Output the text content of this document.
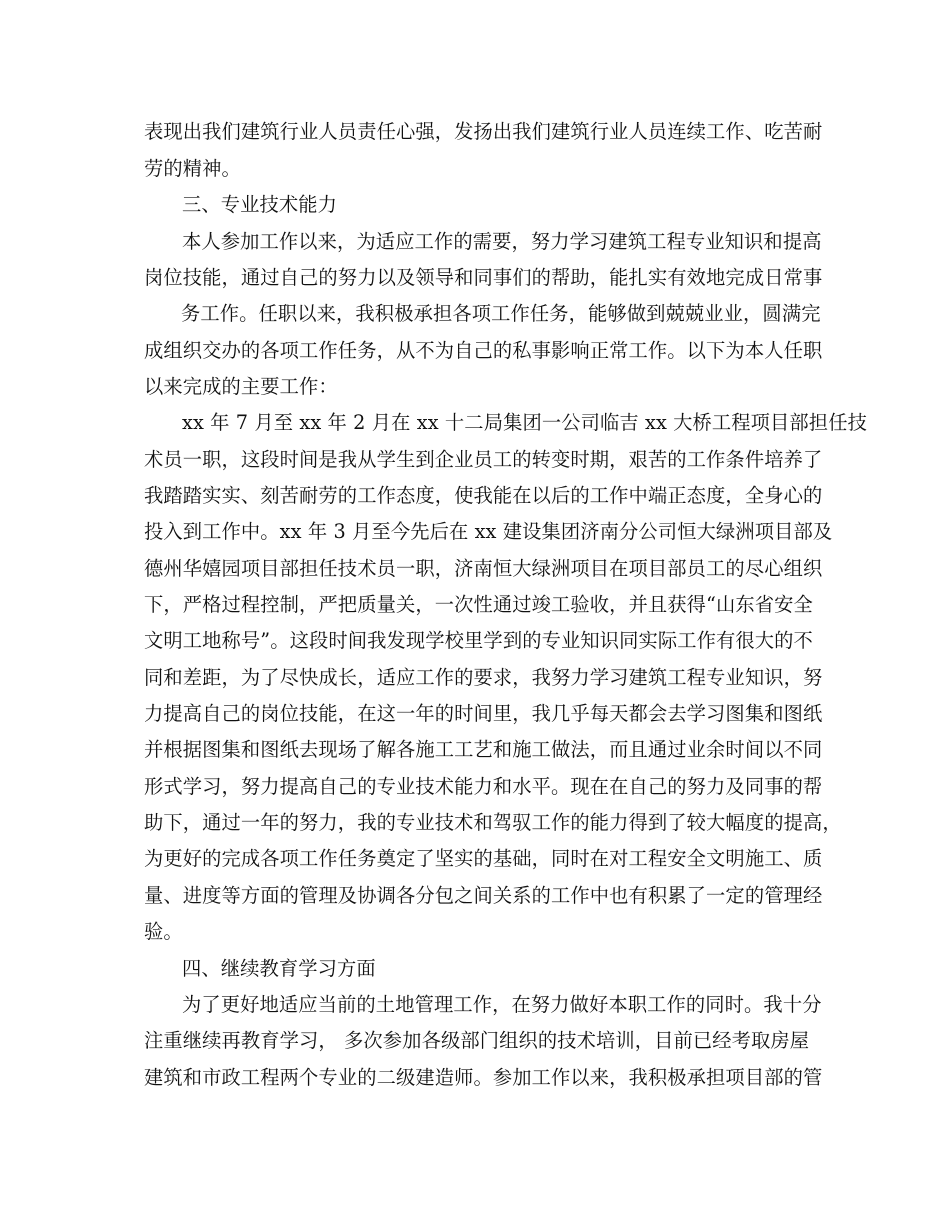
表现出我们建筑行业人员责任心强，发扬出我们建筑行业人员连续工作、吃苦耐
劳的精神。
三、专业技术能力
本人参加工作以来，为适应工作的需要，努力学习建筑工程专业知识和提高
岗位技能，通过自己的努力以及领导和同事们的帮助，能扎实有效地完成日常事
务工作。任职以来，我积极承担各项工作任务，能够做到兢兢业业，圆满完
成组织交办的各项工作任务，从不为自己的私事影响正常工作。以下为本人任职
以来完成的主要工作：
xx 年 7 月至 xx 年 2 月在 xx 十二局集团一公司临吉 xx 大桥工程项目部担任技
术员一职，这段时间是我从学生到企业员工的转变时期，艰苦的工作条件培养了
我踏踏实实、刻苦耐劳的工作态度，使我能在以后的工作中端正态度，全身心的
投入到工作中。xx 年 3 月至今先后在 xx 建设集团济南分公司恒大绿洲项目部及
德州华嬉园项目部担任技术员一职，济南恒大绿洲项目在项目部员工的尽心组织
下，严格过程控制，严把质量关，一次性通过竣工验收，并且获得“山东省安全
文明工地称号”。这段时间我发现学校里学到的专业知识同实际工作有很大的不
同和差距，为了尽快成长，适应工作的要求，我努力学习建筑工程专业知识，努
力提高自己的岗位技能，在这一年的时间里，我几乎每天都会去学习图集和图纸
并根据图集和图纸去现场了解各施工工艺和施工做法，而且通过业余时间以不同
形式学习，努力提高自己的专业技术能力和水平。现在在自己的努力及同事的帮
助下，通过一年的努力，我的专业技术和驾驭工作的能力得到了较大幅度的提高，
为更好的完成各项工作任务奠定了坚实的基础，同时在对工程安全文明施工、质
量、进度等方面的管理及协调各分包之间关系的工作中也有积累了一定的管理经
验。
四、继续教育学习方面
为了更好地适应当前的土地管理工作，在努力做好本职工作的同时。我十分
注重继续再教育学习， 多次参加各级部门组织的技术培训，目前已经考取房屋
建筑和市政工程两个专业的二级建造师。参加工作以来，我积极承担项目部的管
